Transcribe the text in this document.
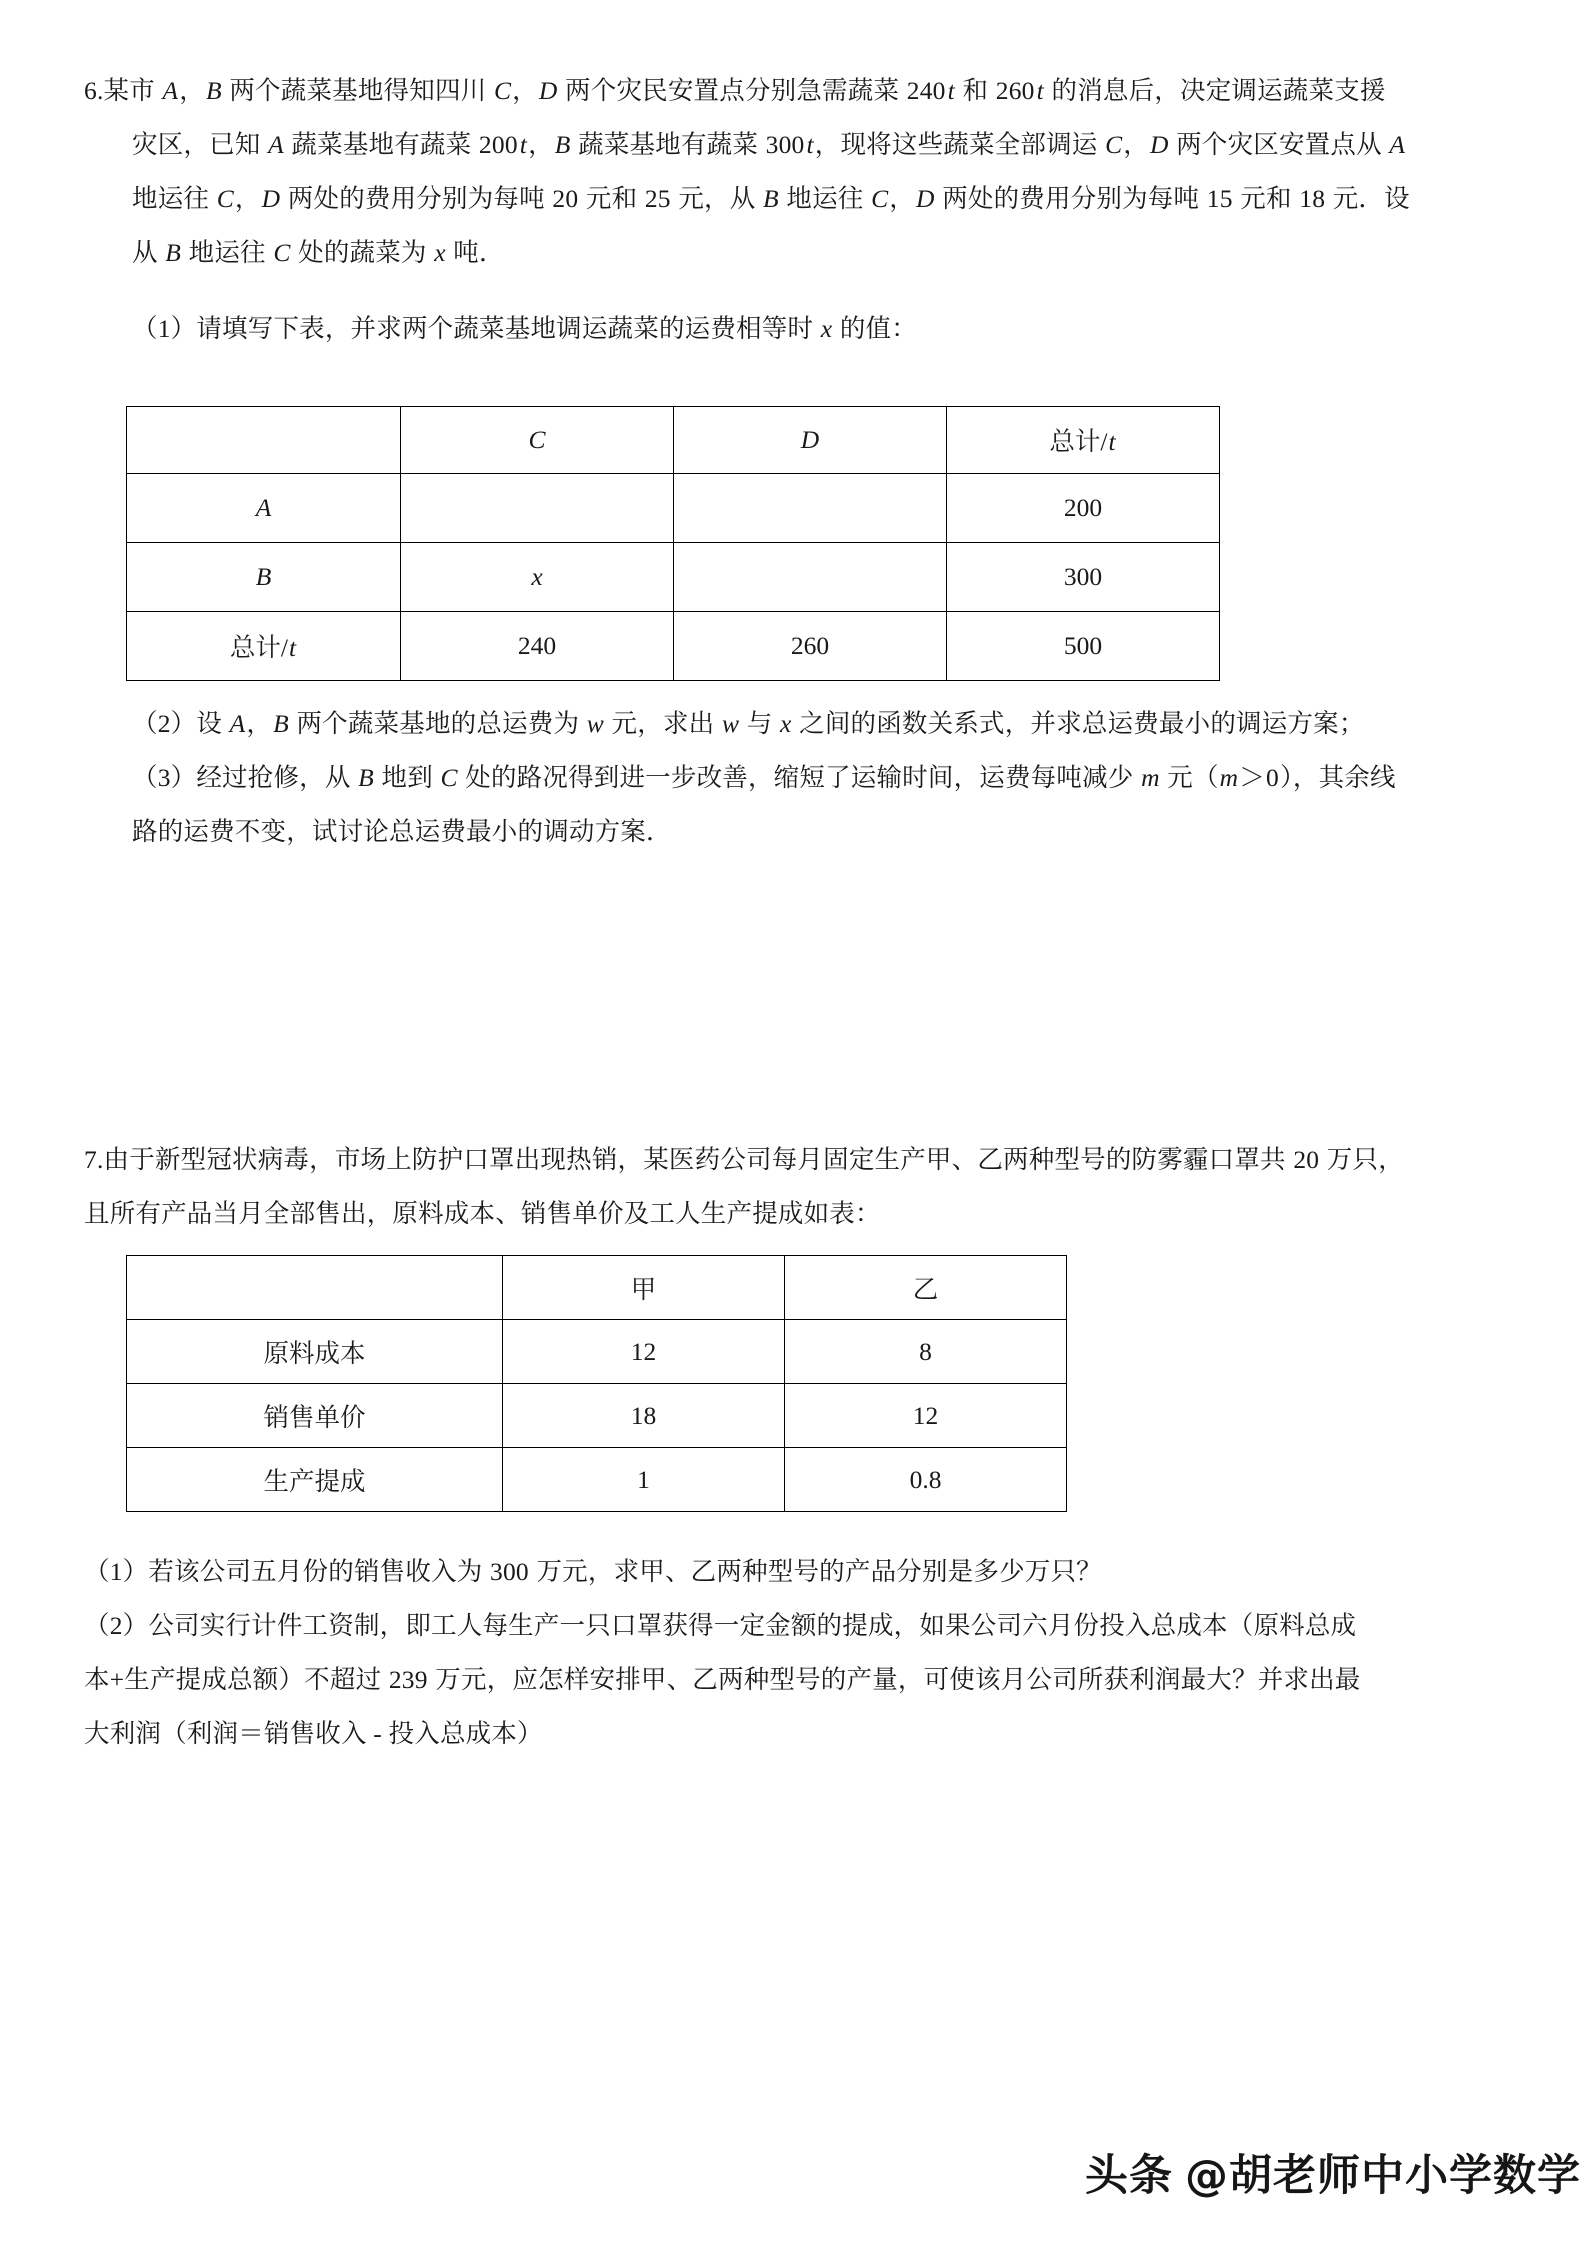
6.某市 A，B 两个蔬菜基地得知四川 C，D 两个灾民安置点分别急需蔬菜 240t 和 260t 的消息后，决定调运蔬菜支援
灾区，已知 A 蔬菜基地有蔬菜 200t，B 蔬菜基地有蔬菜 300t，现将这些蔬菜全部调运 C，D 两个灾区安置点从 A
地运往 C，D 两处的费用分别为每吨 20 元和 25 元，从 B 地运往 C，D 两处的费用分别为每吨 15 元和 18 元．设
从 B 地运往 C 处的蔬菜为 x 吨．
（1）请填写下表，并求两个蔬菜基地调运蔬菜的运费相等时 x 的值：
	C	D	总计/t
A			200
B	x		300
总计/t	240	260	500
（2）设 A，B 两个蔬菜基地的总运费为 w 元，求出 w 与 x 之间的函数关系式，并求总运费最小的调运方案；
（3）经过抢修，从 B 地到 C 处的路况得到进一步改善，缩短了运输时间，运费每吨减少 m 元（m＞0），其余线
路的运费不变，试讨论总运费最小的调动方案．
7.由于新型冠状病毒，市场上防护口罩出现热销，某医药公司每月固定生产甲、乙两种型号的防雾霾口罩共 20 万只，
且所有产品当月全部售出，原料成本、销售单价及工人生产提成如表：
	甲	乙
原料成本	12	8
销售单价	18	12
生产提成	1	0.8
（1）若该公司五月份的销售收入为 300 万元，求甲、乙两种型号的产品分别是多少万只？
（2）公司实行计件工资制，即工人每生产一只口罩获得一定金额的提成，如果公司六月份投入总成本（原料总成
本+生产提成总额）不超过 239 万元，应怎样安排甲、乙两种型号的产量，可使该月公司所获利润最大？并求出最
大利润（利润＝销售收入 - 投入总成本）
头条 @胡老师中小学数学
